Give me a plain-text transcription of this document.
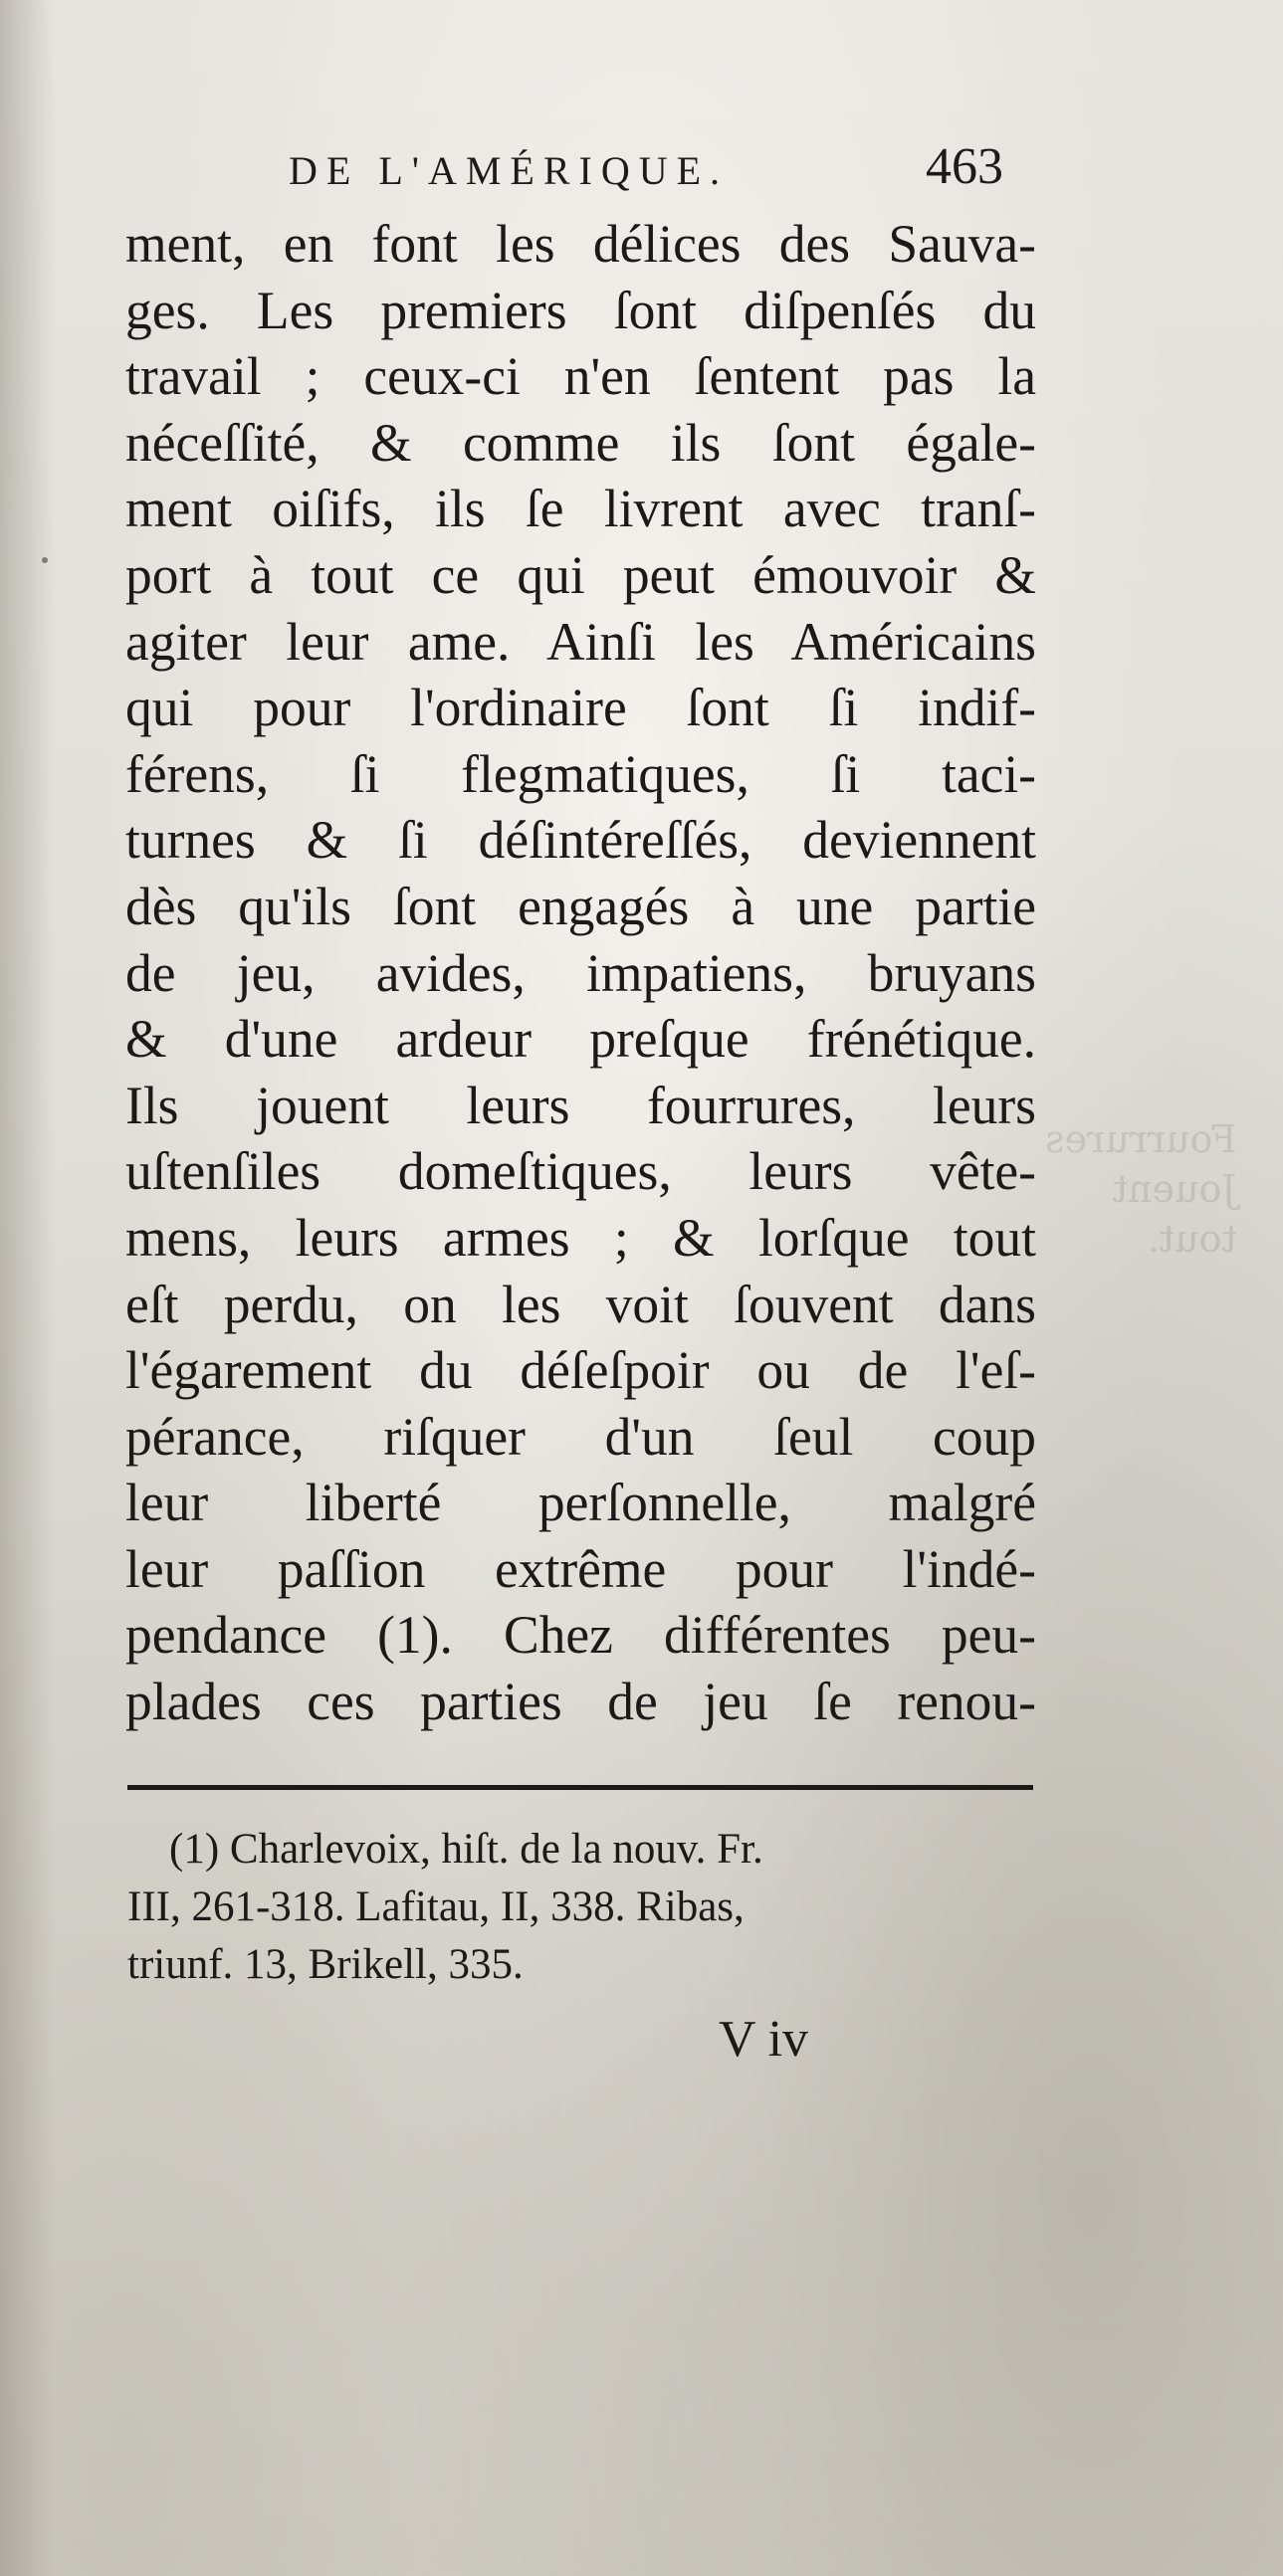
Fourrures
Jouent
tout.
DE L'AMÉRIQUE.	463
ment, en font les délices des Sauva-
ges. Les premiers ſont diſpenſés du
travail ; ceux-ci n'en ſentent pas la
néceſſité, & comme ils ſont égale-
ment oiſifs, ils ſe livrent avec tranſ-
port à tout ce qui peut émouvoir &
agiter leur ame. Ainſi les Américains
qui pour l'ordinaire ſont ſi indif-
férens, ſi flegmatiques, ſi taci-
turnes & ſi déſintéreſſés, deviennent
dès qu'ils ſont engagés à une partie
de jeu, avides, impatiens, bruyans
& d'une ardeur preſque frénétique.
Ils jouent leurs fourrures, leurs
uſtenſiles domeſtiques, leurs vête-
mens, leurs armes ; & lorſque tout
eſt perdu, on les voit ſouvent dans
l'égarement du déſeſpoir ou de l'eſ-
pérance, riſquer d'un ſeul coup
leur liberté perſonnelle, malgré
leur paſſion extrême pour l'indé-
pendance (1). Chez différentes peu-
plades ces parties de jeu ſe renou-
(1) Charlevoix, hiſt. de la nouv. Fr.
III, 261-318. Lafitau, II, 338. Ribas,
triunf. 13, Brikell, 335.
V iv
